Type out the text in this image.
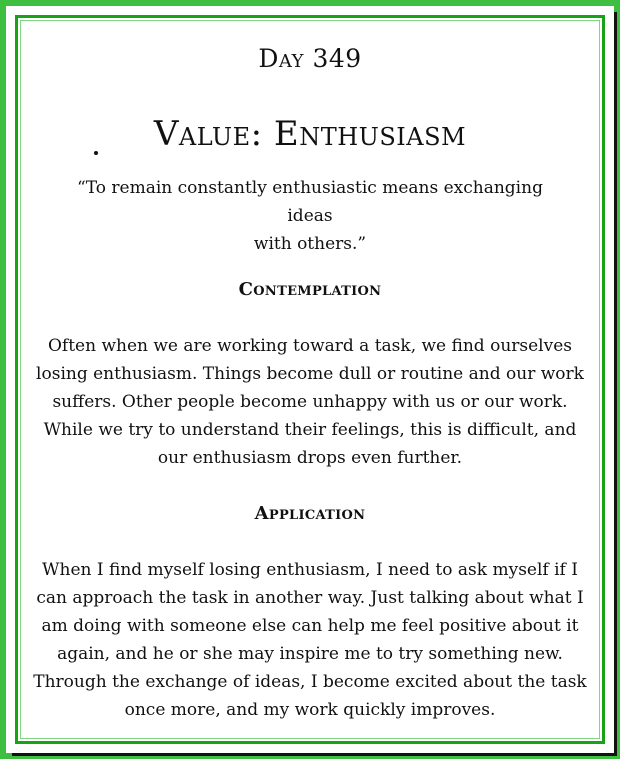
Day 349
Value: Enthusiasm
“To remain constantly enthusiastic means exchanging ideas
with others.”
Contemplation
Often when we are working toward a task, we find ourselves
losing enthusiasm. Things become dull or routine and our work
suffers. Other people become unhappy with us or our work.
While we try to understand their feelings, this is difficult, and
our enthusiasm drops even further.
Application
When I find myself losing enthusiasm, I need to ask myself if I
can approach the task in another way. Just talking about what I
am doing with someone else can help me feel positive about it
again, and he or she may inspire me to try something new.
Through the exchange of ideas, I become excited about the task
once more, and my work quickly improves.
